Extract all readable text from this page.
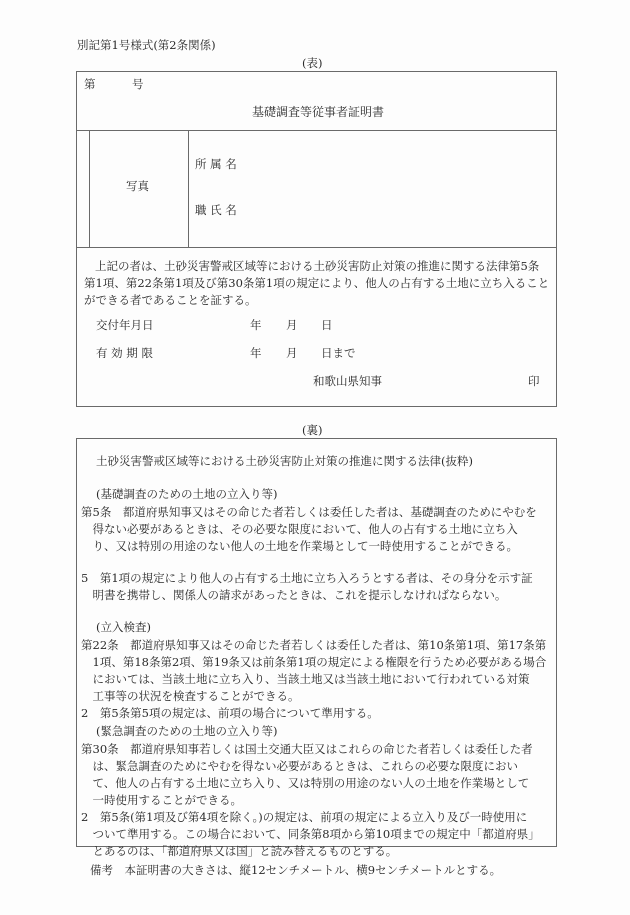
別記第1号様式(第2条関係)
(表)
第	号
基礎調査等従事者証明書
写真
所 属 名
職 氏 名
上記の者は、土砂災害警戒区域等における土砂災害防止対策の推進に関する法律第5条
第1項、第22条第1項及び第30条第1項の規定により、他人の占有する土地に立ち入ること
ができる者であることを証する。
交付年月日	年 月 日
有 効 期 限	年 月 日まで
和歌山県知事	印
(裏)
土砂災害警戒区域等における土砂災害防止対策の推進に関する法律(抜粋)
(基礎調査のための土地の立入り等)
第5条　都道府県知事又はその命じた者若しくは委任した者は、基礎調査のためにやむを
　得ない必要があるときは、その必要な限度において、他人の占有する土地に立ち入
　り、又は特別の用途のない他人の土地を作業場として一時使用することができる。
5　第1項の規定により他人の占有する土地に立ち入ろうとする者は、その身分を示す証
　明書を携帯し、関係人の請求があったときは、これを提示しなければならない。
(立入検査)
第22条　都道府県知事又はその命じた者若しくは委任した者は、第10条第1項、第17条第
　1項、第18条第2項、第19条又は前条第1項の規定による権限を行うため必要がある場合
　においては、当該土地に立ち入り、当該土地又は当該土地において行われている対策
　工事等の状況を検査することができる。
2　第5条第5項の規定は、前項の場合について準用する。
(緊急調査のための土地の立入り等)
第30条　都道府県知事若しくは国土交通大臣又はこれらの命じた者若しくは委任した者
　は、緊急調査のためにやむを得ない必要があるときは、これらの必要な限度におい
　て、他人の占有する土地に立ち入り、又は特別の用途のない人の土地を作業場として
　一時使用することができる。
2　第5条(第1項及び第4項を除く。)の規定は、前項の規定による立入り及び一時使用に
　ついて準用する。この場合において、同条第8項から第10項までの規定中「都道府県」
　とあるのは、「都道府県又は国」と読み替えるものとする。
備考　本証明書の大きさは、縦12センチメートル、横9センチメートルとする。
